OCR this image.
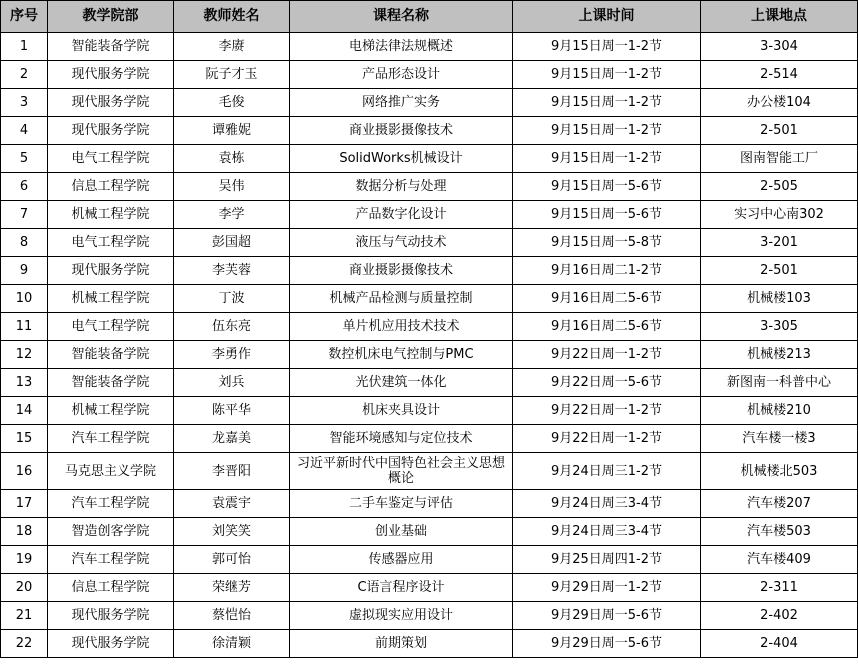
序号	教学院部	教师姓名	课程名称	上课时间	上课地点
1	智能装备学院	李赓	电梯法律法规概述	9月15日周一1-2节	3-304
2	现代服务学院	阮子才玉	产品形态设计	9月15日周一1-2节	2-514
3	现代服务学院	毛俊	网络推广实务	9月15日周一1-2节	办公楼104
4	现代服务学院	谭雅妮	商业摄影摄像技术	9月15日周一1-2节	2-501
5	电气工程学院	袁栋	SolidWorks机械设计	9月15日周一1-2节	图南智能工厂
6	信息工程学院	吴伟	数据分析与处理	9月15日周一5-6节	2-505
7	机械工程学院	李学	产品数字化设计	9月15日周一5-6节	实习中心南302
8	电气工程学院	彭国超	液压与气动技术	9月15日周一5-8节	3-201
9	现代服务学院	李芙蓉	商业摄影摄像技术	9月16日周二1-2节	2-501
10	机械工程学院	丁波	机械产品检测与质量控制	9月16日周二5-6节	机械楼103
11	电气工程学院	伍东亮	单片机应用技术技术	9月16日周二5-6节	3-305
12	智能装备学院	李勇作	数控机床电气控制与PMC	9月22日周一1-2节	机械楼213
13	智能装备学院	刘兵	光伏建筑一体化	9月22日周一5-6节	新图南一科普中心
14	机械工程学院	陈平华	机床夹具设计	9月22日周一1-2节	机械楼210
15	汽车工程学院	龙嘉美	智能环境感知与定位技术	9月22日周一1-2节	汽车楼一楼3
16	马克思主义学院	李晋阳	习近平新时代中国特色社会主义思想概论	9月24日周三1-2节	机械楼北503
17	汽车工程学院	袁震宇	二手车鉴定与评估	9月24日周三3-4节	汽车楼207
18	智造创客学院	刘笑笑	创业基础	9月24日周三3-4节	汽车楼503
19	汽车工程学院	郭可怡	传感器应用	9月25日周四1-2节	汽车楼409
20	信息工程学院	荣继芳	C语言程序设计	9月29日周一1-2节	2-311
21	现代服务学院	蔡恺怡	虚拟现实应用设计	9月29日周一5-6节	2-402
22	现代服务学院	徐清颖	前期策划	9月29日周一5-6节	2-404
